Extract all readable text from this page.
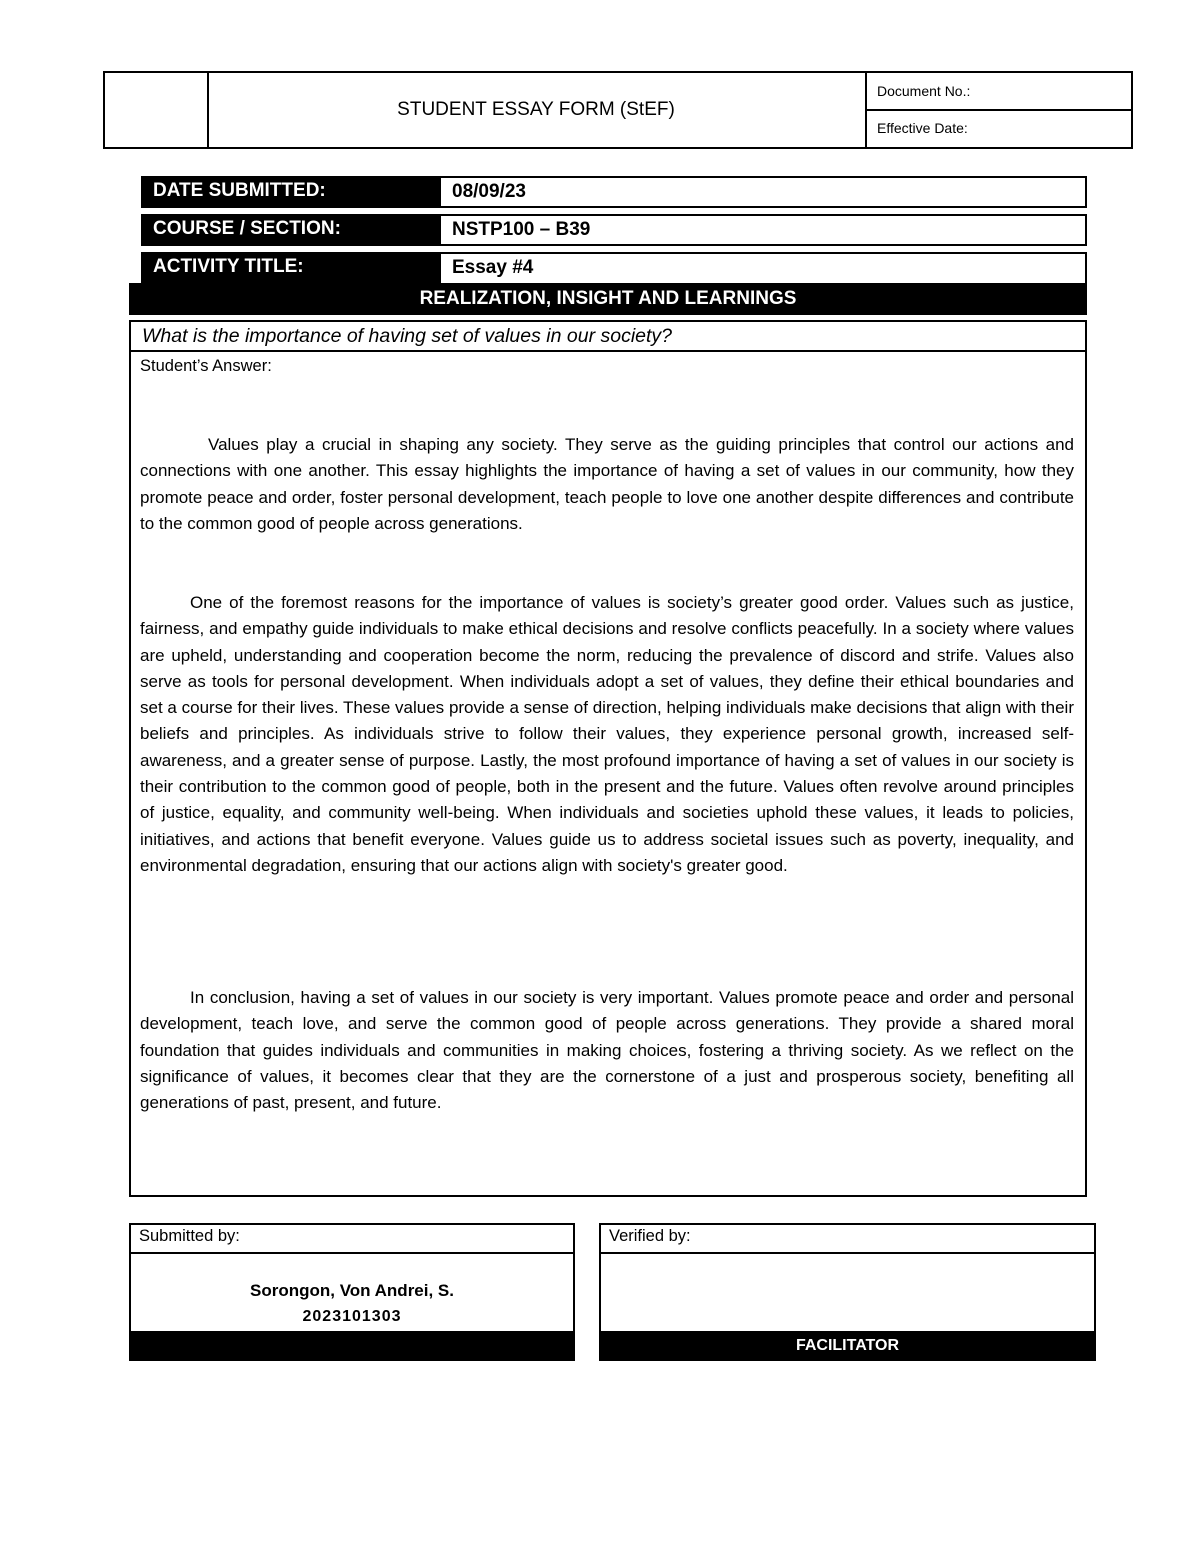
STUDENT ESSAY FORM (StEF)
Document No.:
Effective Date:
DATE SUBMITTED:	08/09/23
COURSE / SECTION:	NSTP100 – B39
ACTIVITY TITLE:	Essay #4
REALIZATION, INSIGHT AND LEARNINGS
What is the importance of having set of values in our society?
Student’s Answer:
Values play a crucial in shaping any society. They serve as the guiding principles that control our actions and connections with one another. This essay highlights the importance of having a set of values in our community, how they promote peace and order, foster personal development, teach people to love one another despite differences and contribute to the common good of people across generations.
One of the foremost reasons for the importance of values is society’s greater good order. Values such as justice, fairness, and empathy guide individuals to make ethical decisions and resolve conflicts peacefully. In a society where values are upheld, understanding and cooperation become the norm, reducing the prevalence of discord and strife. Values also serve as tools for personal development. When individuals adopt a set of values, they define their ethical boundaries and set a course for their lives. These values provide a sense of direction, helping individuals make decisions that align with their beliefs and principles. As individuals strive to follow their values, they experience personal growth, increased self-awareness, and a greater sense of purpose. Lastly, the most profound importance of having a set of values in our society is their contribution to the common good of people, both in the present and the future. Values often revolve around principles of justice, equality, and community well-being. When individuals and societies uphold these values, it leads to policies, initiatives, and actions that benefit everyone. Values guide us to address societal issues such as poverty, inequality, and environmental degradation, ensuring that our actions align with society's greater good.
In conclusion, having a set of values in our society is very important. Values promote peace and order and personal development, teach love, and serve the common good of people across generations. They provide a shared moral foundation that guides individuals and communities in making choices, fostering a thriving society. As we reflect on the significance of values, it becomes clear that they are the cornerstone of a just and prosperous society, benefiting all generations of past, present, and future.
Submitted by:
Sorongon, Von Andrei, S.
2023101303
Verified by:
FACILITATOR
